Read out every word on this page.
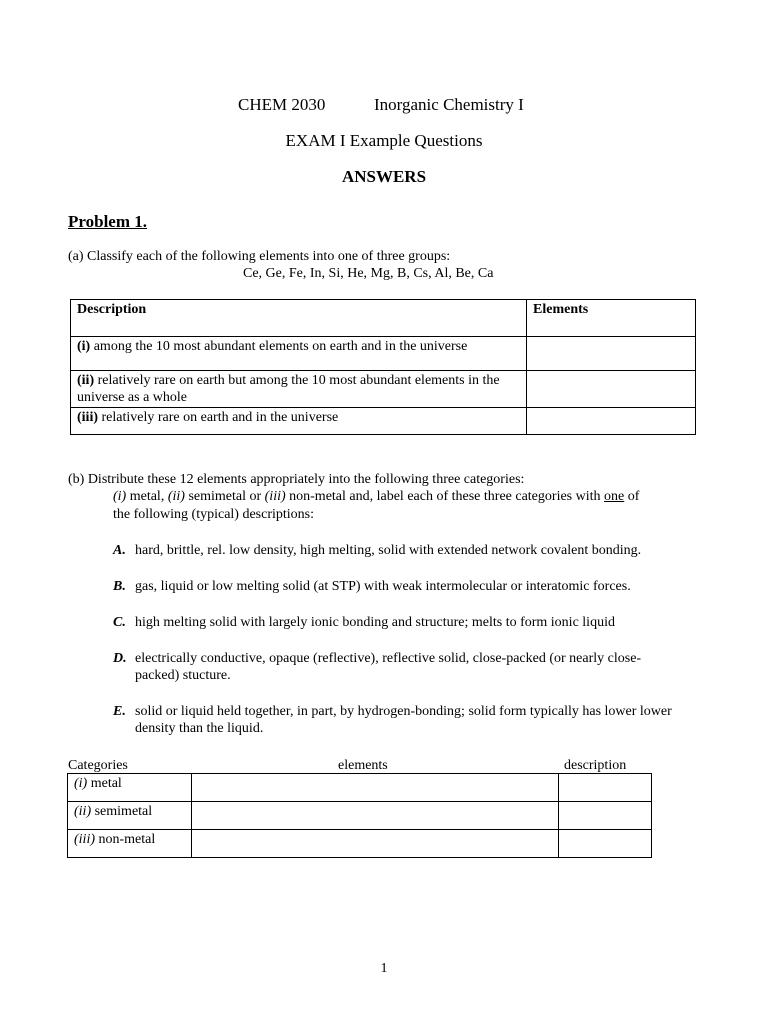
CHEM 2030	Inorganic Chemistry I
EXAM I Example Questions
ANSWERS
Problem 1.
(a) Classify each of the following elements into one of three groups:
Ce, Ge, Fe, In, Si, He, Mg, B, Cs, Al, Be, Ca
Description	Elements
(i) among the 10 most abundant elements on earth and in the universe	
(ii) relatively rare on earth but among the 10 most abundant elements in the universe as a whole	
(iii) relatively rare on earth and in the universe	
(b) Distribute these 12 elements appropriately into the following three categories:
(i) metal, (ii) semimetal or (iii) non-metal and, label each of these three categories with one of
the following (typical) descriptions:
A. hard, brittle, rel. low density, high melting, solid with extended network covalent bonding.
B. gas, liquid or low melting solid (at STP) with weak intermolecular or interatomic forces.
C. high melting solid with largely ionic bonding and structure; melts to form ionic liquid
D. electrically conductive, opaque (reflective), reflective solid, close-packed (or nearly close-packed) stucture.
E. solid or liquid held together, in part, by hydrogen-bonding; solid form typically has lower lower density than the liquid.
Categories	elements	description
(i) metal		
(ii) semimetal		
(iii) non-metal		
1
